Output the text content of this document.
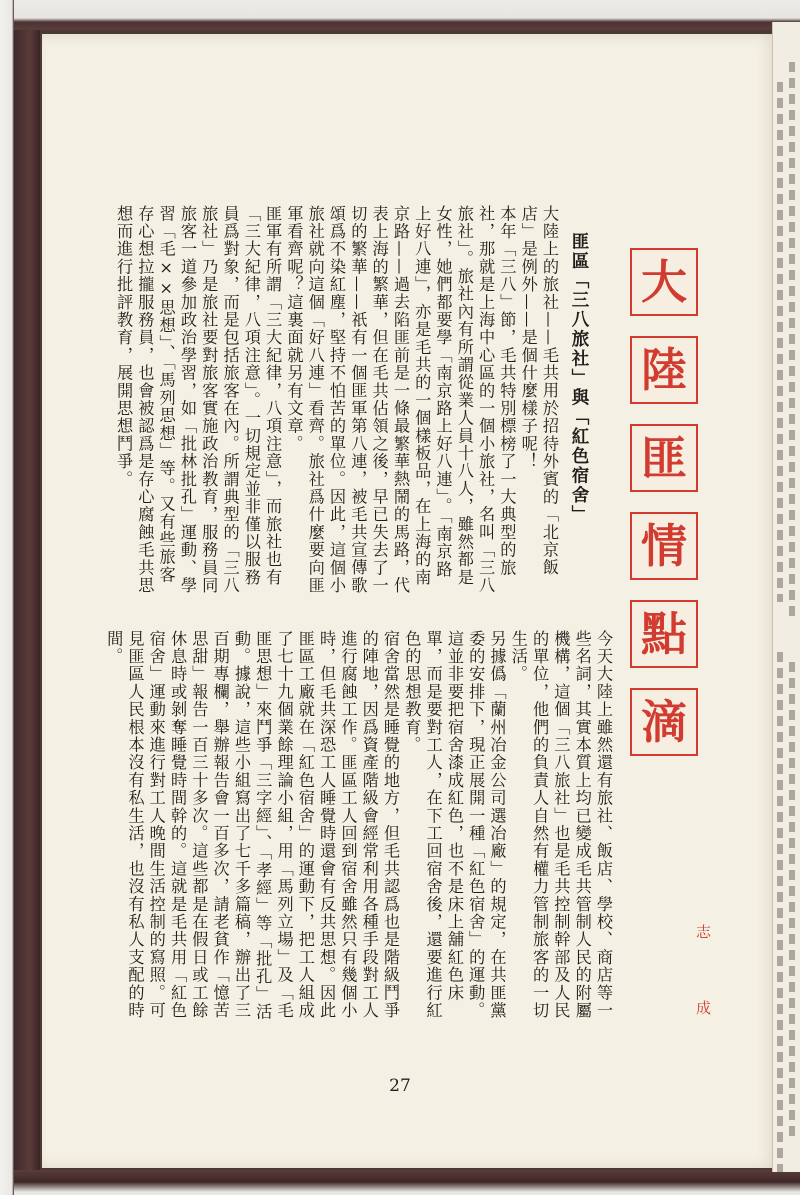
大
陸
匪
情
點
滴
匪區「三八旅社」與「紅色宿舍」
大陸上的旅社——毛共用於招待外賓的「北京飯店」是例外——是個什麼樣子呢！
本年「三八」節，毛共特別標榜了一大典型的旅社，那就是上海中心區的一個小旅社，名叫「三八旅社」。旅社內有所謂從業人員十八人，雖然都是女性，她們都要學「南京路上好八連」。「南京路上好八連」，亦是毛共的一個樣板品，在上海的南京路——過去陷匪前是一條最繁華熱鬧的馬路，代表上海的繁華，但在毛共佔領之後，早已失去了一切的繁華——祇有一個匪軍第八連，被毛共宣傳歌頌爲不染紅塵，堅持不怕苦的單位。因此，這個小旅社就向這個「好八連」看齊。旅社爲什麼要向匪軍看齊呢？這裏面就另有文章。
匪軍有所謂「三大紀律，八項注意」，而旅社也有「三大紀律，八項注意」。一切規定並非僅以服務員爲對象，而是包括旅客在內。所謂典型的「三八旅社」乃是旅社要對旅客實施政治教育，服務員同旅客一道參加政治學習，如「批林批孔」運動、學習「毛××思想」、「馬列思想」等。又有些旅客存心想拉攏服務員，也會被認爲是存心腐蝕毛共思想而進行批評教育，展開思想鬥爭。
今天大陸上雖然還有旅社、飯店、學校、商店等一些名詞，其實本質上均已變成毛共管制人民的附屬機構，這個「三八旅社」也是毛共控制幹部及人民的單位，他們的負責人自然有權力管制旅客的一切生活。
另據僞「蘭州冶金公司選冶廠」的規定，在共匪黨委的安排下，現正展開一種「紅色宿舍」的運動。這並非要把宿舍漆成紅色，也不是床上舖紅色床單，而是要對工人，在下工回宿舍後，還要進行紅色的思想教育。
宿舍當然是睡覺的地方，但毛共認爲也是階級鬥爭的陣地，因爲資產階級會經常利用各種手段對工人進行腐蝕工作。匪區工人回到宿舍雖然只有幾個小時，但毛共深恐工人睡覺時還會有反共思想。因此匪區工廠就在「紅色宿舍」的運動下，把工人組成了七十九個業餘理論小組，用「馬列立場」及「毛匪思想」來鬥爭「三字經」、「孝經」等「批孔」活動。據說，這些小組寫出了七千多篇稿，辦出了三百期專欄，舉辦報告會一百多次，請老貧作「憶苦思甜」報告一百三十多次。這些都是在假日或工餘休息時或剝奪睡覺時間幹的。這就是毛共用「紅色宿舍」運動來進行對工人晚間生活控制的寫照。可見匪區人民根本沒有私生活，也沒有私人支配的時間。
志 成
27
